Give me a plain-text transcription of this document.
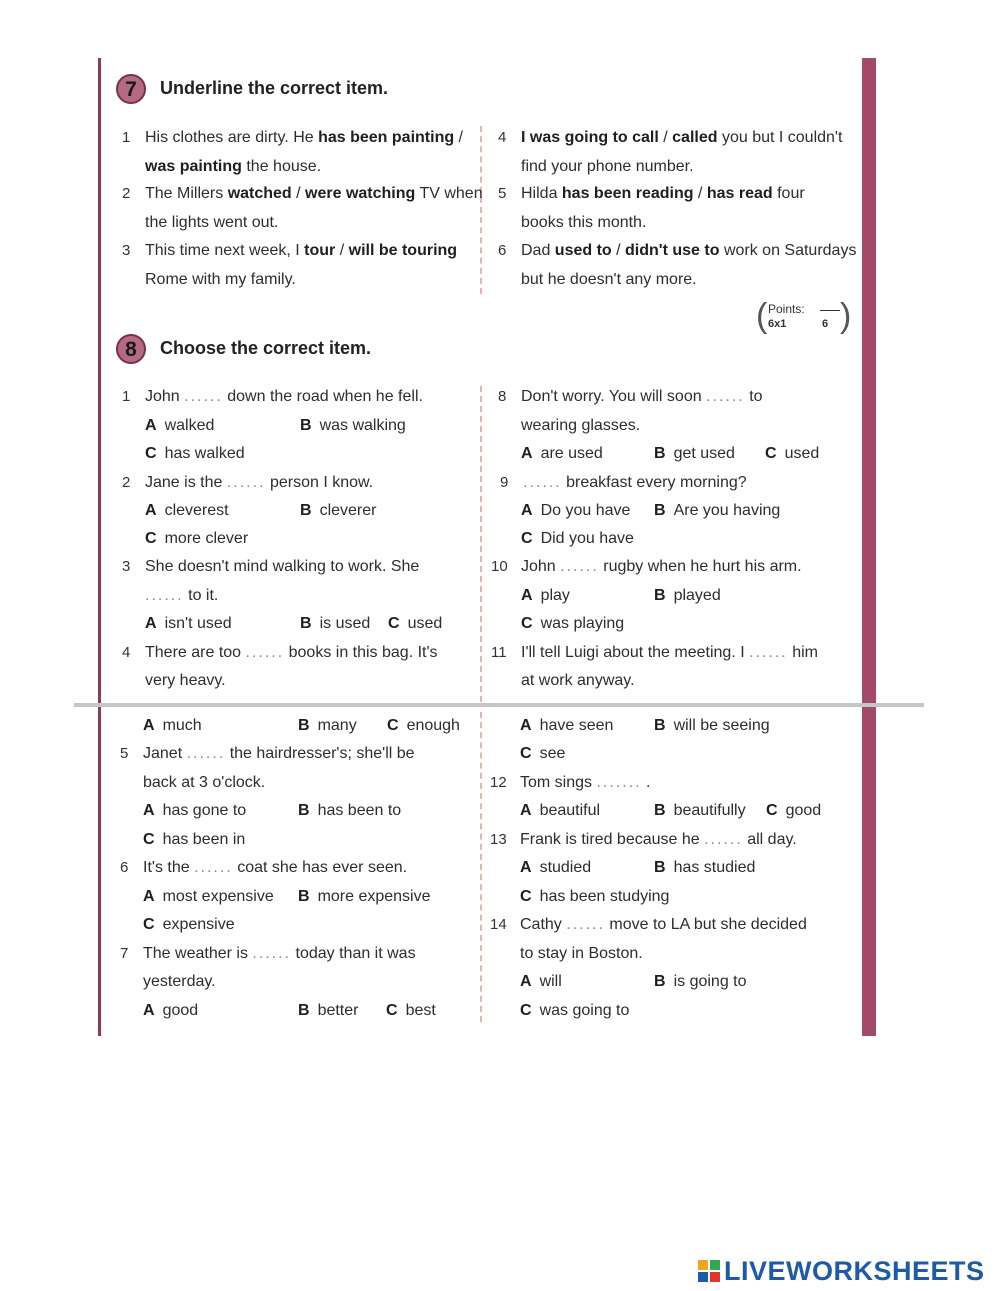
7	Underline the correct item.
1 His clothes are dirty. He has been painting /
was painting the house.
2 The Millers watched / were watching TV when
the lights went out.
3 This time next week, I tour / will be touring
Rome with my family.
4 I was going to call / called you but I couldn't
find your phone number.
5 Hilda has been reading / has read four
books this month.
6 Dad used to / didn't use to work on Saturdays
but he doesn't any more.
( Points:
6x1	6 )
8	Choose the correct item.
1 John ...... down the road when he fell.
A walked	B was walking
C has walked
2 Jane is the ...... person I know.
A cleverest	B cleverer
C more clever
3 She doesn't mind walking to work. She
...... to it.
A isn't used	B is used C used
4 There are too ...... books in this bag. It's
very heavy.
A much	B many C enough
5 Janet ...... the hairdresser's; she'll be
back at 3 o'clock.
A has gone to	B has been to
C has been in
6 It's the ...... coat she has ever seen.
A most expensive B more expensive
C expensive
7 The weather is ...... today than it was
yesterday.
A good	B better C best
8 Don't worry. You will soon ...... to
wearing glasses.
A are used	B get used C used
9 ...... breakfast every morning?
A Do you have B Are you having
C Did you have
10 John ...... rugby when he hurt his arm.
A play	B played
C was playing
11 I'll tell Luigi about the meeting. I ...... him
at work anyway.
A have seen	B will be seeing
C see
12 Tom sings ....... .
A beautiful	B beautifully C good
13 Frank is tired because he ...... all day.
A studied	B has studied
C has been studying
14 Cathy ...... move to LA but she decided
to stay in Boston.
A will	B is going to
C was going to
LIVEWORKSHEETS
